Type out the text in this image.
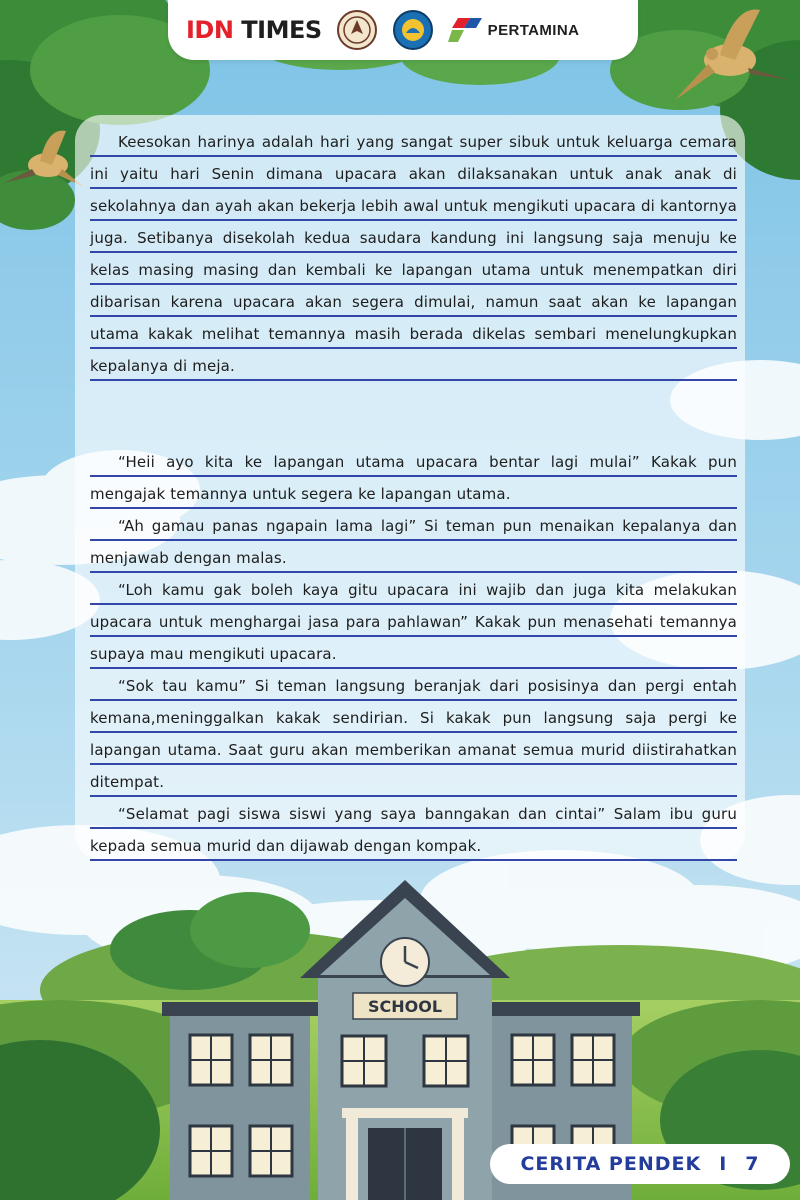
SCHOOL
IDN TIMES	PERTAMINA

Keesokan harinya adalah hari yang sangat super sibuk untuk keluarga cemara ini yaitu hari Senin dimana upacara akan dilaksanakan untuk anak anak di sekolahnya dan ayah akan bekerja lebih awal untuk mengikuti upacara di kantornya juga. Setibanya disekolah kedua saudara kandung ini langsung saja menuju ke kelas masing masing dan kembali ke lapangan utama untuk menempatkan diri dibarisan karena upacara akan segera dimulai, namun saat akan ke lapangan utama kakak melihat temannya masih berada dikelas sembari menelungkupkan kepalanya di meja.

“Heii ayo kita ke lapangan utama upacara bentar lagi mulai” Kakak pun mengajak temannya untuk segera ke lapangan utama.

“Ah gamau panas ngapain lama lagi” Si teman pun menaikan kepalanya dan menjawab dengan malas.

“Loh kamu gak boleh kaya gitu upacara ini wajib dan juga kita melakukan upacara untuk menghargai jasa para pahlawan” Kakak pun menasehati temannya supaya mau mengikuti upacara.

“Sok tau kamu” Si teman langsung beranjak dari posisinya dan pergi entah kemana,meninggalkan kakak sendirian. Si kakak pun langsung saja pergi ke lapangan utama. Saat guru akan memberikan amanat semua murid diistirahatkan ditempat.

“Selamat pagi siswa siswi yang saya banngakan dan cintai” Salam ibu guru kepada semua murid dan dijawab dengan kompak.

CERITA PENDEK I 7
